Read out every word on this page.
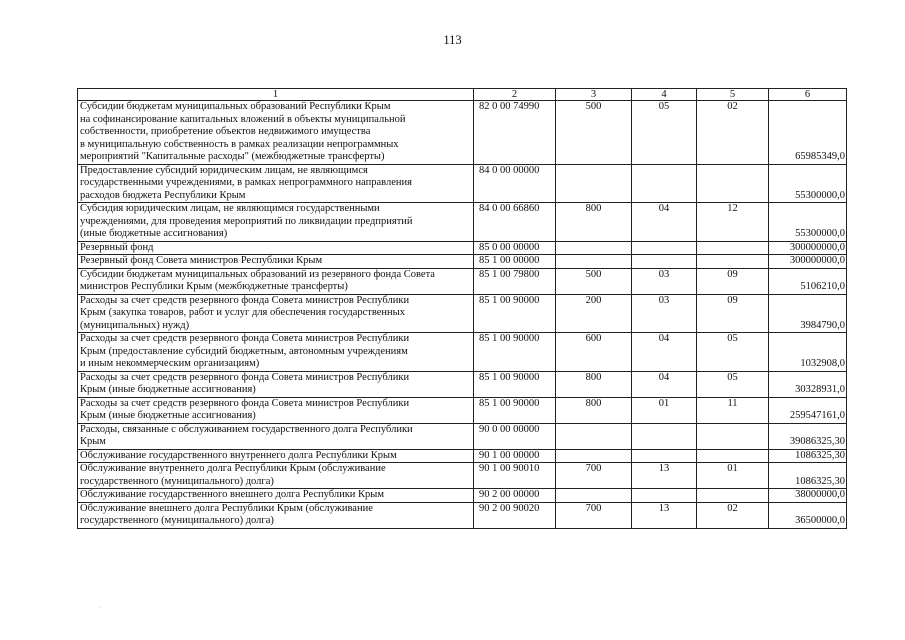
113
1	2	3	4	5	6
Субсидии бюджетам муниципальных образований Республики Крым
на софинансирование капитальных вложений в объекты муниципальной
собственности, приобретение объектов недвижимого имущества
в муниципальную собственность в рамках реализации непрограммных
мероприятий "Капитальные расходы" (межбюджетные трансферты)	82 0 00 74990	500	05	02	65985349,0
Предоставление субсидий юридическим лицам, не являющимся
государственными учреждениями, в рамках непрограммного направления
расходов бюджета Республики Крым	84 0 00 00000				55300000,0
Субсидия юридическим лицам, не являющимся государственными
учреждениями, для проведения мероприятий по ликвидации предприятий
(иные бюджетные ассигнования)	84 0 00 66860	800	04	12	55300000,0
Резервный фонд	85 0 00 00000				300000000,0
Резервный фонд Совета министров Республики Крым	85 1 00 00000				300000000,0
Субсидии бюджетам муниципальных образований из резервного фонда Совета
министров Республики Крым (межбюджетные трансферты)	85 1 00 79800	500	03	09	5106210,0
Расходы за счет средств резервного фонда Совета министров Республики
Крым (закупка товаров, работ и услуг для обеспечения государственных
(муниципальных) нужд)	85 1 00 90000	200	03	09	3984790,0
Расходы за счет средств резервного фонда Совета министров Республики
Крым (предоставление субсидий бюджетным, автономным учреждениям
и иным некоммерческим организациям)	85 1 00 90000	600	04	05	1032908,0
Расходы за счет средств резервного фонда Совета министров Республики
Крым (иные бюджетные ассигнования)	85 1 00 90000	800	04	05	30328931,0
Расходы за счет средств резервного фонда Совета министров Республики
Крым (иные бюджетные ассигнования)	85 1 00 90000	800	01	11	259547161,0
Расходы, связанные с обслуживанием государственного долга Республики
Крым	90 0 00 00000				39086325,30
Обслуживание государственного внутреннего долга Республики Крым	90 1 00 00000				1086325,30
Обслуживание внутреннего долга Республики Крым (обслуживание
государственного (муниципального) долга)	90 1 00 90010	700	13	01	1086325,30
Обслуживание государственного внешнего долга Республики Крым	90 2 00 00000				38000000,0
Обслуживание внешнего долга Республики Крым (обслуживание
государственного (муниципального) долга)	90 2 00 90020	700	13	02	36500000,0
·
